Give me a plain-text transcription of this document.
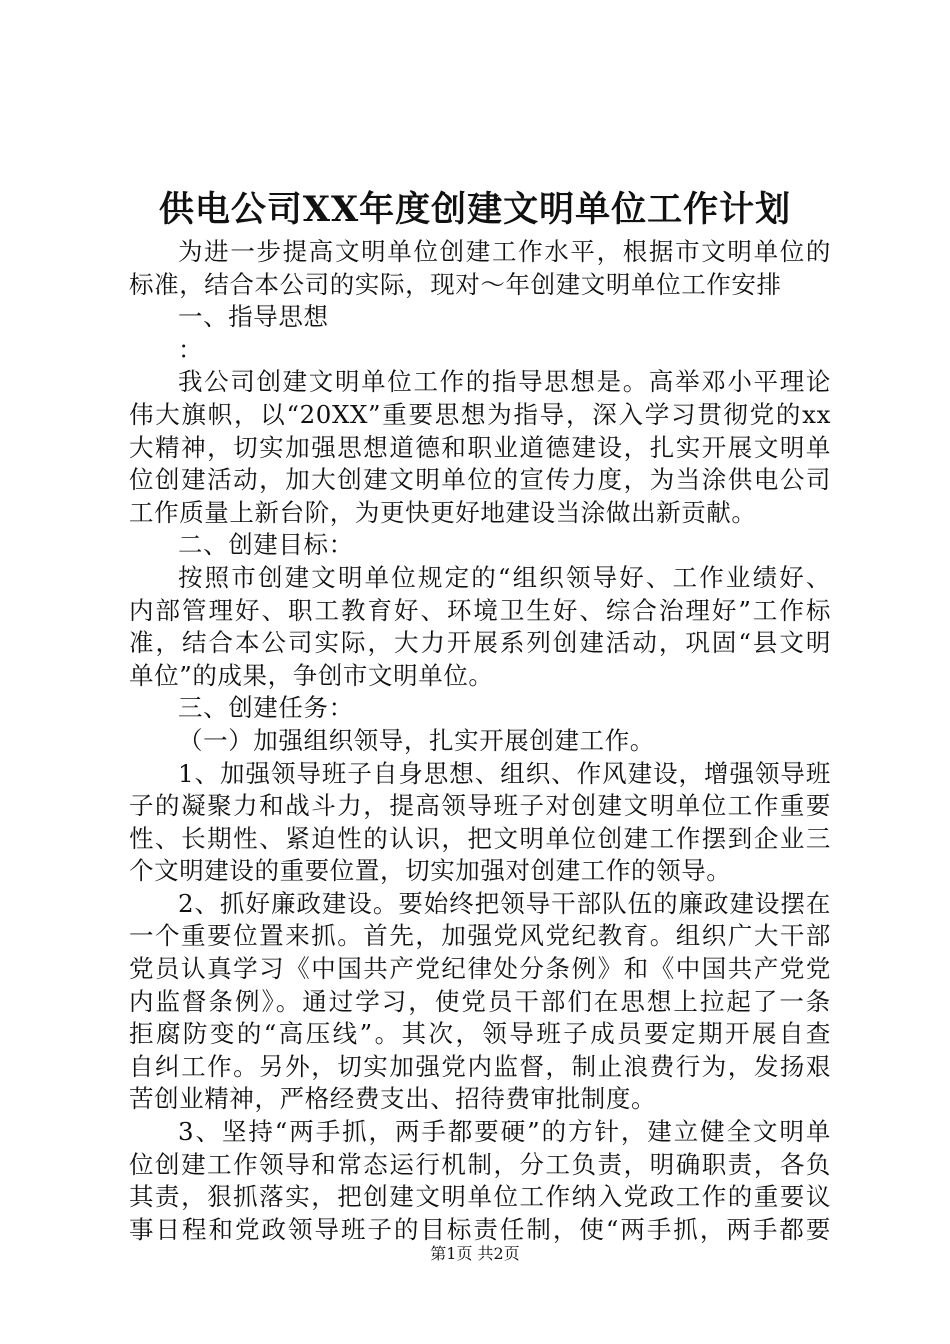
供电公司XX年度创建文明单位工作计划
为进一步提高文明单位创建工作水平，根据市文明单位的
标准，结合本公司的实际，现对～年创建文明单位工作安排
一、指导思想
：
我公司创建文明单位工作的指导思想是。高举邓小平理论
伟大旗帜，以“20XX”重要思想为指导，深入学习贯彻党的xx
大精神，切实加强思想道德和职业道德建设，扎实开展文明单
位创建活动，加大创建文明单位的宣传力度，为当涂供电公司
工作质量上新台阶，为更快更好地建设当涂做出新贡献。
二、创建目标：
按照市创建文明单位规定的“组织领导好、工作业绩好、
内部管理好、职工教育好、环境卫生好、综合治理好”工作标
准，结合本公司实际，大力开展系列创建活动，巩固“县文明
单位”的成果，争创市文明单位。
三、创建任务：
（一）加强组织领导，扎实开展创建工作。
1、加强领导班子自身思想、组织、作风建设，增强领导班
子的凝聚力和战斗力，提高领导班子对创建文明单位工作重要
性、长期性、紧迫性的认识，把文明单位创建工作摆到企业三
个文明建设的重要位置，切实加强对创建工作的领导。
2、抓好廉政建设。要始终把领导干部队伍的廉政建设摆在
一个重要位置来抓。首先，加强党风党纪教育。组织广大干部
党员认真学习《中国共产党纪律处分条例》和《中国共产党党
内监督条例》。通过学习，使党员干部们在思想上拉起了一条
拒腐防变的“高压线”。其次，领导班子成员要定期开展自查
自纠工作。另外，切实加强党内监督，制止浪费行为，发扬艰
苦创业精神，严格经费支出、招待费审批制度。
3、坚持“两手抓，两手都要硬”的方针，建立健全文明单
位创建工作领导和常态运行机制，分工负责，明确职责，各负
其责，狠抓落实，把创建文明单位工作纳入党政工作的重要议
事日程和党政领导班子的目标责任制，使“两手抓，两手都要
第1页 共2页
